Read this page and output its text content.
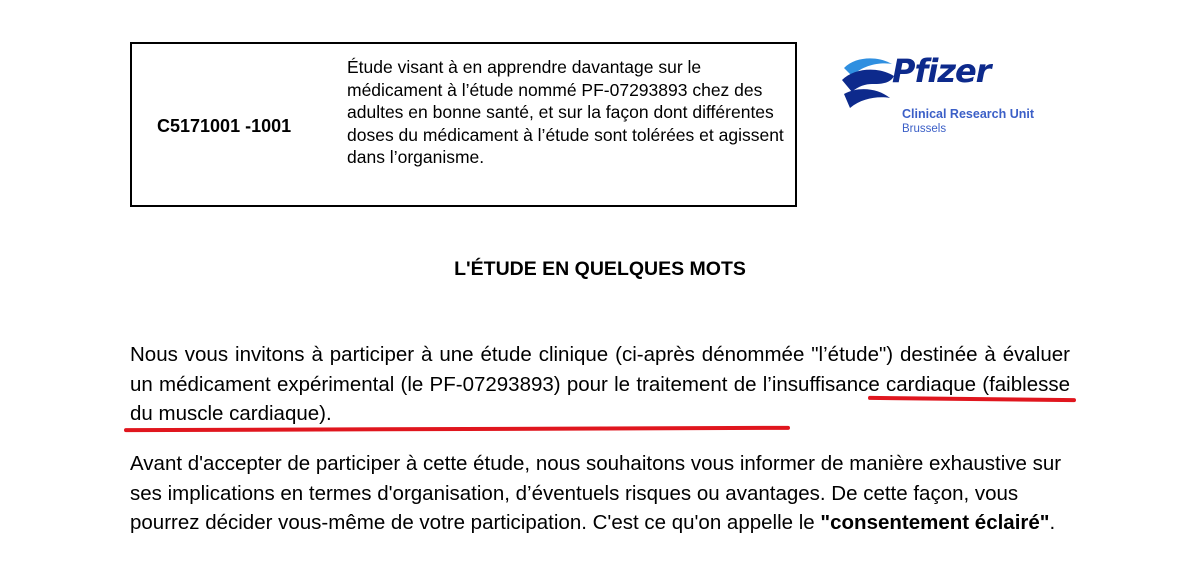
C5171001 -1001
Étude visant à en apprendre davantage sur le médicament à l’étude nommé PF-07293893 chez des adultes en bonne santé, et sur la façon dont différentes doses du médicament à l’étude sont tolérées et agissent dans l’organisme.
Pfizer
Clinical Research Unit
Brussels
L'ÉTUDE EN QUELQUES MOTS
Nous vous invitons à participer à une étude clinique (ci-après dénommée "l’étude") destinée à évaluer un médicament expérimental (le PF-07293893) pour le traitement de l’insuffisance cardiaque (faiblesse du muscle cardiaque).
Avant d'accepter de participer à cette étude, nous souhaitons vous informer de manière exhaustive sur ses implications en termes d'organisation, d’éventuels risques ou avantages. De cette façon, vous pourrez décider vous-même de votre participation. C'est ce qu'on appelle le "consentement éclairé".
